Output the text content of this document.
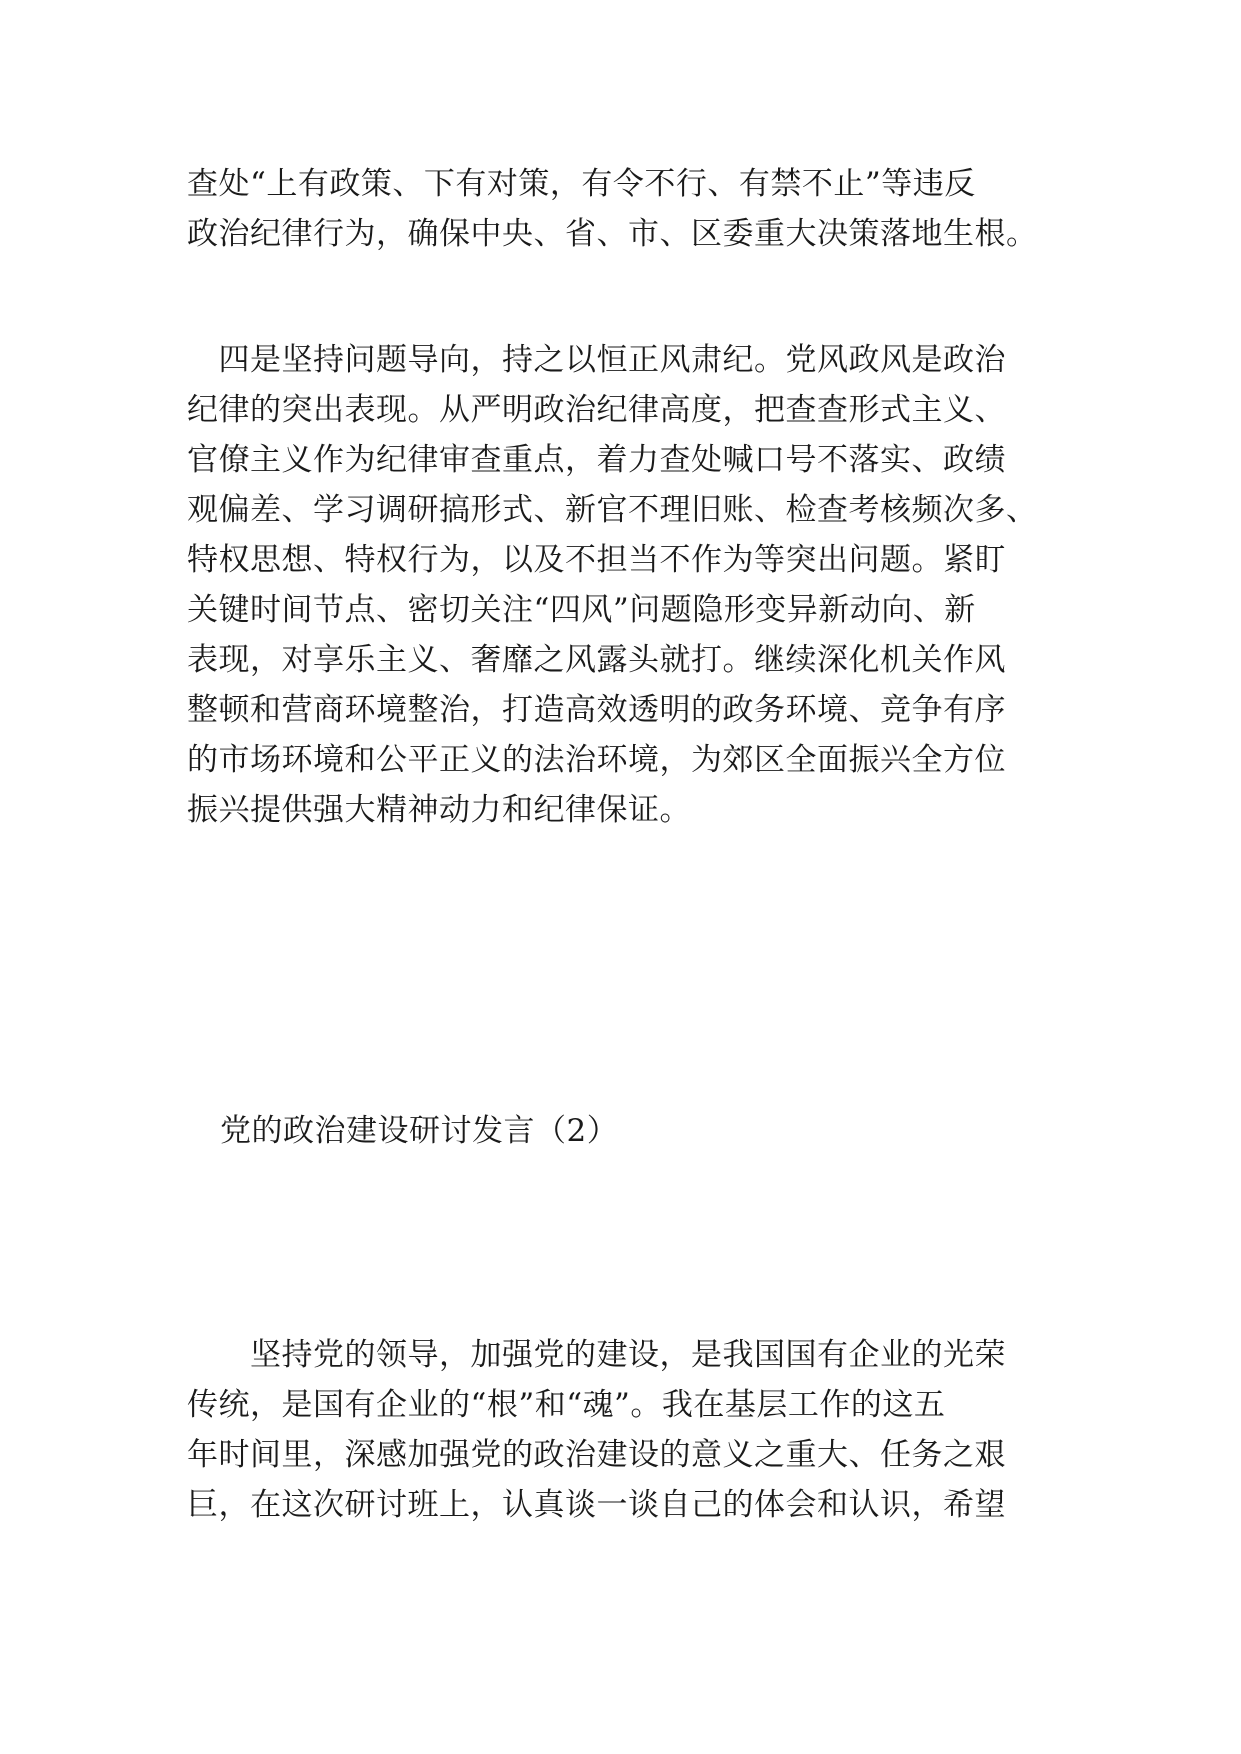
查处“上有政策、下有对策，有令不行、有禁不止”等违反
政治纪律行为，确保中央、省、市、区委重大决策落地生根。
　四是坚持问题导向，持之以恒正风肃纪。党风政风是政治
纪律的突出表现。从严明政治纪律高度，把查查形式主义、
官僚主义作为纪律审查重点，着力查处喊口号不落实、政绩
观偏差、学习调研搞形式、新官不理旧账、检查考核频次多、
特权思想、特权行为，以及不担当不作为等突出问题。紧盯
关键时间节点、密切关注“四风”问题隐形变异新动向、新
表现，对享乐主义、奢靡之风露头就打。继续深化机关作风
整顿和营商环境整治，打造高效透明的政务环境、竞争有序
的市场环境和公平正义的法治环境，为郊区全面振兴全方位
振兴提供强大精神动力和纪律保证。
党的政治建设研讨发言（2）
　　坚持党的领导，加强党的建设，是我国国有企业的光荣
传统，是国有企业的“根”和“魂”。我在基层工作的这五
年时间里，深感加强党的政治建设的意义之重大、任务之艰
巨，在这次研讨班上，认真谈一谈自己的体会和认识，希望
